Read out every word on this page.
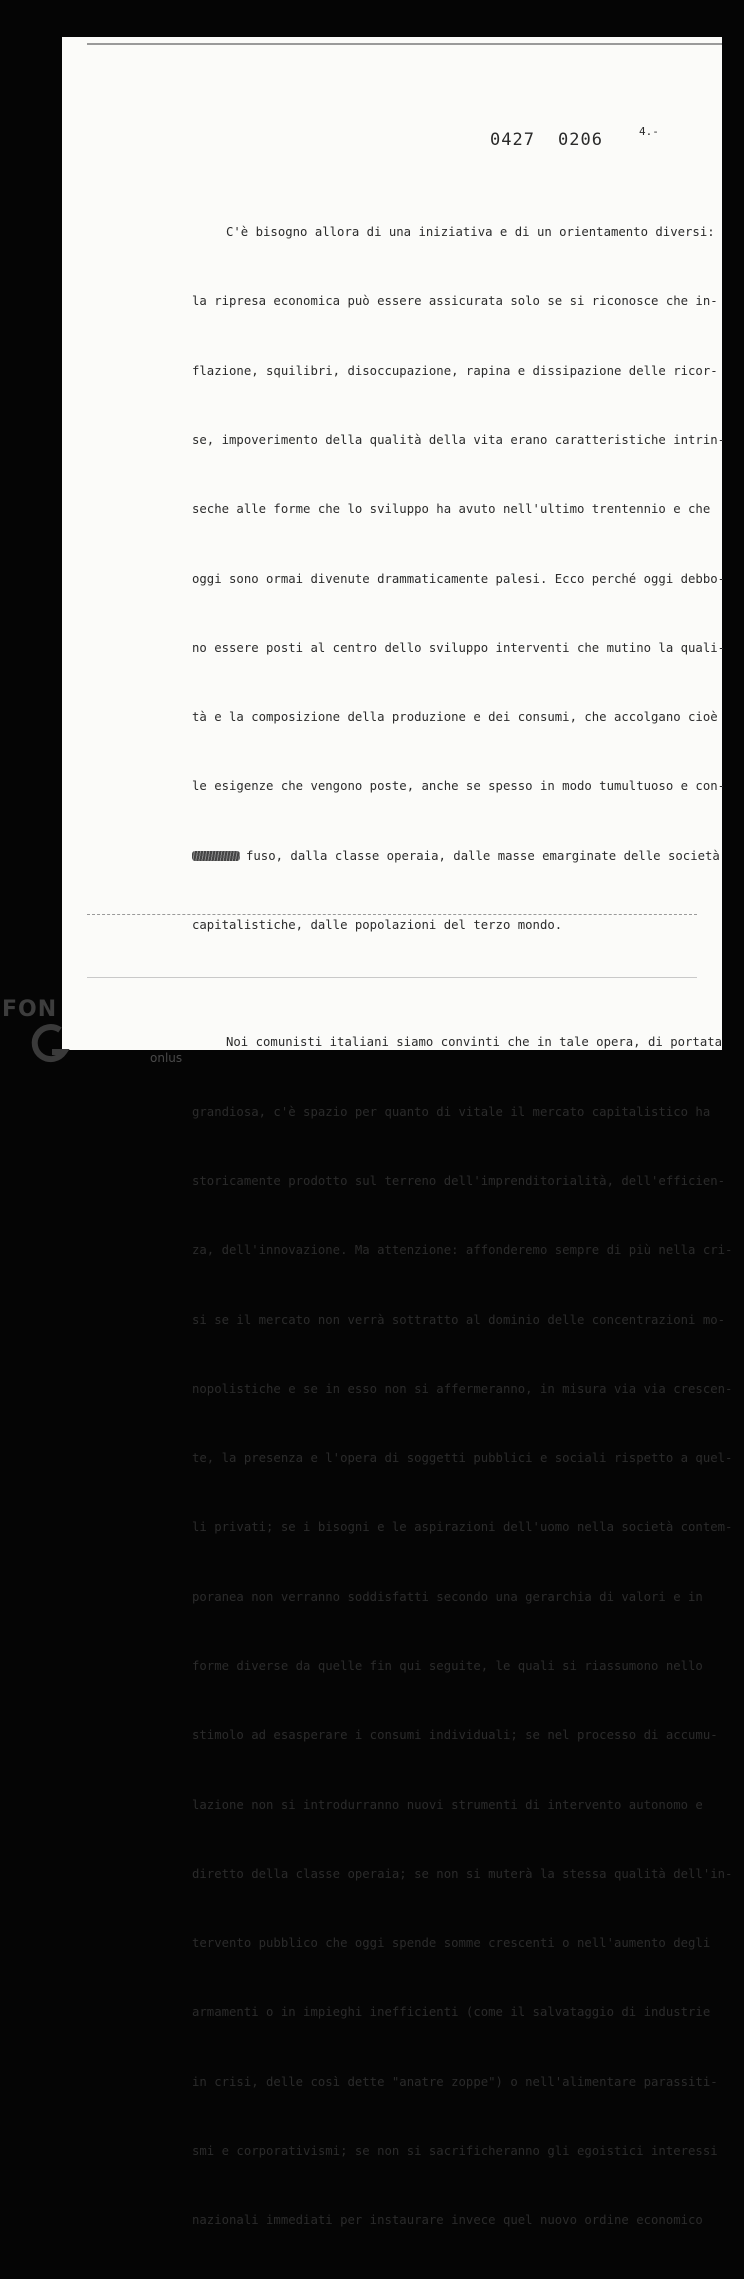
0427 0206	4.-

C'è bisogno allora di una iniziativa e di un orientamento diversi:

la ripresa economica può essere assicurata solo se si riconosce che in-

flazione, squilibri, disoccupazione, rapina e dissipazione delle ricor-

se, impoverimento della qualità della vita erano caratteristiche intrin-

seche alle forme che lo sviluppo ha avuto nell'ultimo trentennio e che

oggi sono ormai divenute drammaticamente palesi. Ecco perché oggi debbo-

no essere posti al centro dello sviluppo interventi che mutino la quali-

tà e la composizione della produzione e dei consumi, che accolgano cioè

le esigenze che vengono poste, anche se spesso in modo tumultuoso e con-

fuso, dalla classe operaia, dalle masse emarginate delle società

capitalistiche, dalle popolazioni del terzo mondo.

Noi comunisti italiani siamo convinti che in tale opera, di portata

grandiosa, c'è spazio per quanto di vitale il mercato capitalistico ha

storicamente prodotto sul terreno dell'imprenditorialità, dell'efficien-

za, dell'innovazione. Ma attenzione: affonderemo sempre di più nella cri-

si se il mercato non verrà sottratto al dominio delle concentrazioni mo-

nopolistiche e se in esso non si affermeranno, in misura via via crescen-

te, la presenza e l'opera di soggetti pubblici e sociali rispetto a quel-

li privati; se i bisogni e le aspirazioni dell'uomo nella società contem-

poranea non verranno soddisfatti secondo una gerarchia di valori e in

forme diverse da quelle fin qui seguite, le quali si riassumono nello

stimolo ad esasperare i consumi individuali; se nel processo di accumu-

lazione non si introdurranno nuovi strumenti di intervento autonomo e

diretto della classe operaia; se non si muterà la stessa qualità dell'in-

tervento pubblico che oggi spende somme crescenti o nell'aumento degli

armamenti o in impieghi inefficienti (come il salvataggio di industrie

in crisi, delle così dette "anatre zoppe") o nell'alimentare parassiti-

smi e corporativismi; se non si sacrificheranno gli egoistici interessi

nazionali immediati per instaurare invece quel nuovo ordine economico

FON
onlus
